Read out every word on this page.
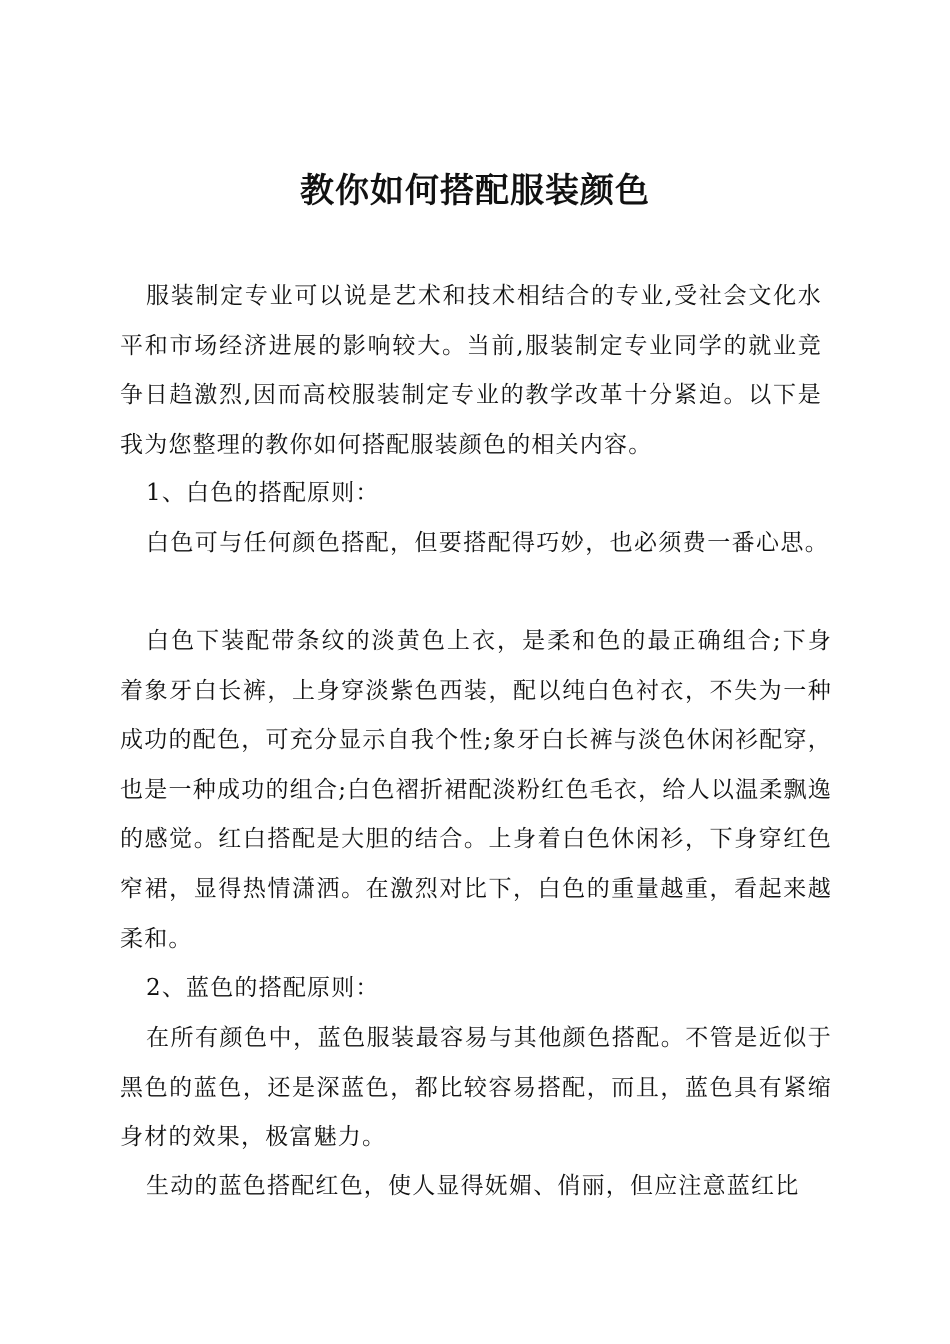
教你如何搭配服装颜色

服装制定专业可以说是艺术和技术相结合的专业,受社会文化水平和市场经济进展的影响较大。当前,服装制定专业同学的就业竞争日趋激烈,因而高校服装制定专业的教学改革十分紧迫。以下是我为您整理的教你如何搭配服装颜色的相关内容。

1、白色的搭配原则：

白色可与任何颜色搭配，但要搭配得巧妙，也必须费一番心思。

白色下装配带条纹的淡黄色上衣，是柔和色的最正确组合;下身着象牙白长裤，上身穿淡紫色西装，配以纯白色衬衣，不失为一种成功的配色，可充分显示自我个性;象牙白长裤与淡色休闲衫配穿，也是一种成功的组合;白色褶折裙配淡粉红色毛衣，给人以温柔飘逸的感觉。红白搭配是大胆的结合。上身着白色休闲衫，下身穿红色窄裙，显得热情潇洒。在激烈对比下，白色的重量越重，看起来越柔和。

2、蓝色的搭配原则：

在所有颜色中，蓝色服装最容易与其他颜色搭配。不管是近似于黑色的蓝色，还是深蓝色，都比较容易搭配，而且，蓝色具有紧缩身材的效果，极富魅力。

生动的蓝色搭配红色，使人显得妩媚、俏丽，但应注意蓝红比
